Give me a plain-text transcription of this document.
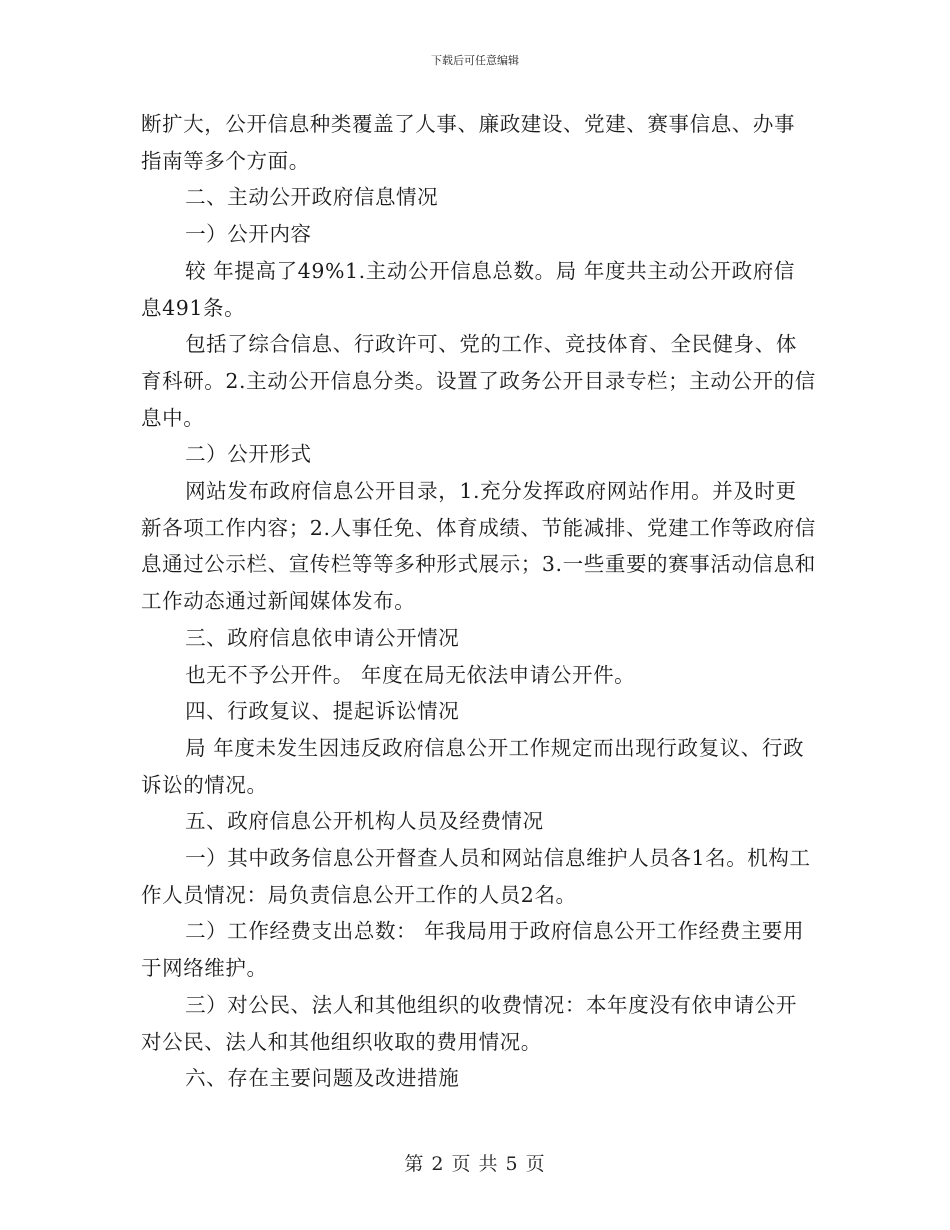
下载后可任意编辑

断扩大，公开信息种类覆盖了人事、廉政建设、党建、赛事信息、办事指南等多个方面。

二、主动公开政府信息情况

一）公开内容

较 年提高了49%1.主动公开信息总数。局 年度共主动公开政府信息491条。

包括了综合信息、行政许可、党的工作、竞技体育、全民健身、体育科研。2.主动公开信息分类。设置了政务公开目录专栏；主动公开的信息中。

二）公开形式

网站发布政府信息公开目录，1.充分发挥政府网站作用。并及时更新各项工作内容；2.人事任免、体育成绩、节能减排、党建工作等政府信息通过公示栏、宣传栏等等多种形式展示；3.一些重要的赛事活动信息和工作动态通过新闻媒体发布。

三、政府信息依申请公开情况

也无不予公开件。 年度在局无依法申请公开件。

四、行政复议、提起诉讼情况

局 年度未发生因违反政府信息公开工作规定而出现行政复议、行政诉讼的情况。

五、政府信息公开机构人员及经费情况

一）其中政务信息公开督查人员和网站信息维护人员各1名。机构工作人员情况：局负责信息公开工作的人员2名。

二）工作经费支出总数： 年我局用于政府信息公开工作经费主要用于网络维护。

三）对公民、法人和其他组织的收费情况：本年度没有依申请公开对公民、法人和其他组织收取的费用情况。

六、存在主要问题及改进措施

第 2 页 共 5 页
